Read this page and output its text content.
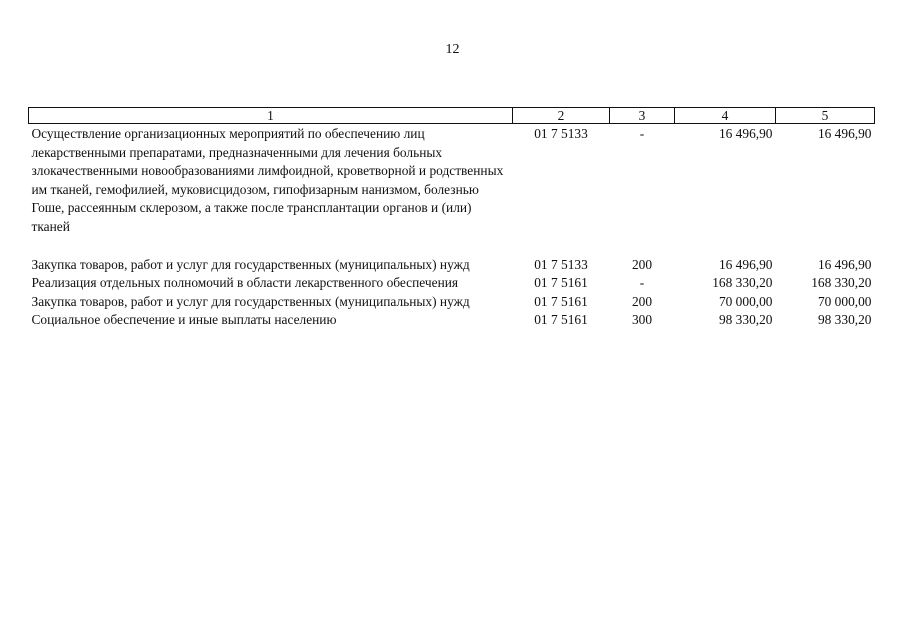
12
1	2	3	4	5
Осуществление организационных мероприятий по обеспечению лиц лекарственными препаратами, предназначенными для лечения больных злокачественными новообразованиями лимфоидной, кроветворной и родственных им тканей, гемофилией, муковисцидозом, гипофизарным нанизмом, болезнью Гоше, рассеянным склерозом, а также после трансплантации органов и (или) тканей	01 7 5133	-	16 496,90	16 496,90
Закупка товаров, работ и услуг для государственных (муниципальных) нужд	01 7 5133	200	16 496,90	16 496,90
Реализация отдельных полномочий в области лекарственного обеспечения	01 7 5161	-	168 330,20	168 330,20
Закупка товаров, работ и услуг для государственных (муниципальных) нужд	01 7 5161	200	70 000,00	70 000,00
Социальное обеспечение и иные выплаты населению	01 7 5161	300	98 330,20	98 330,20
